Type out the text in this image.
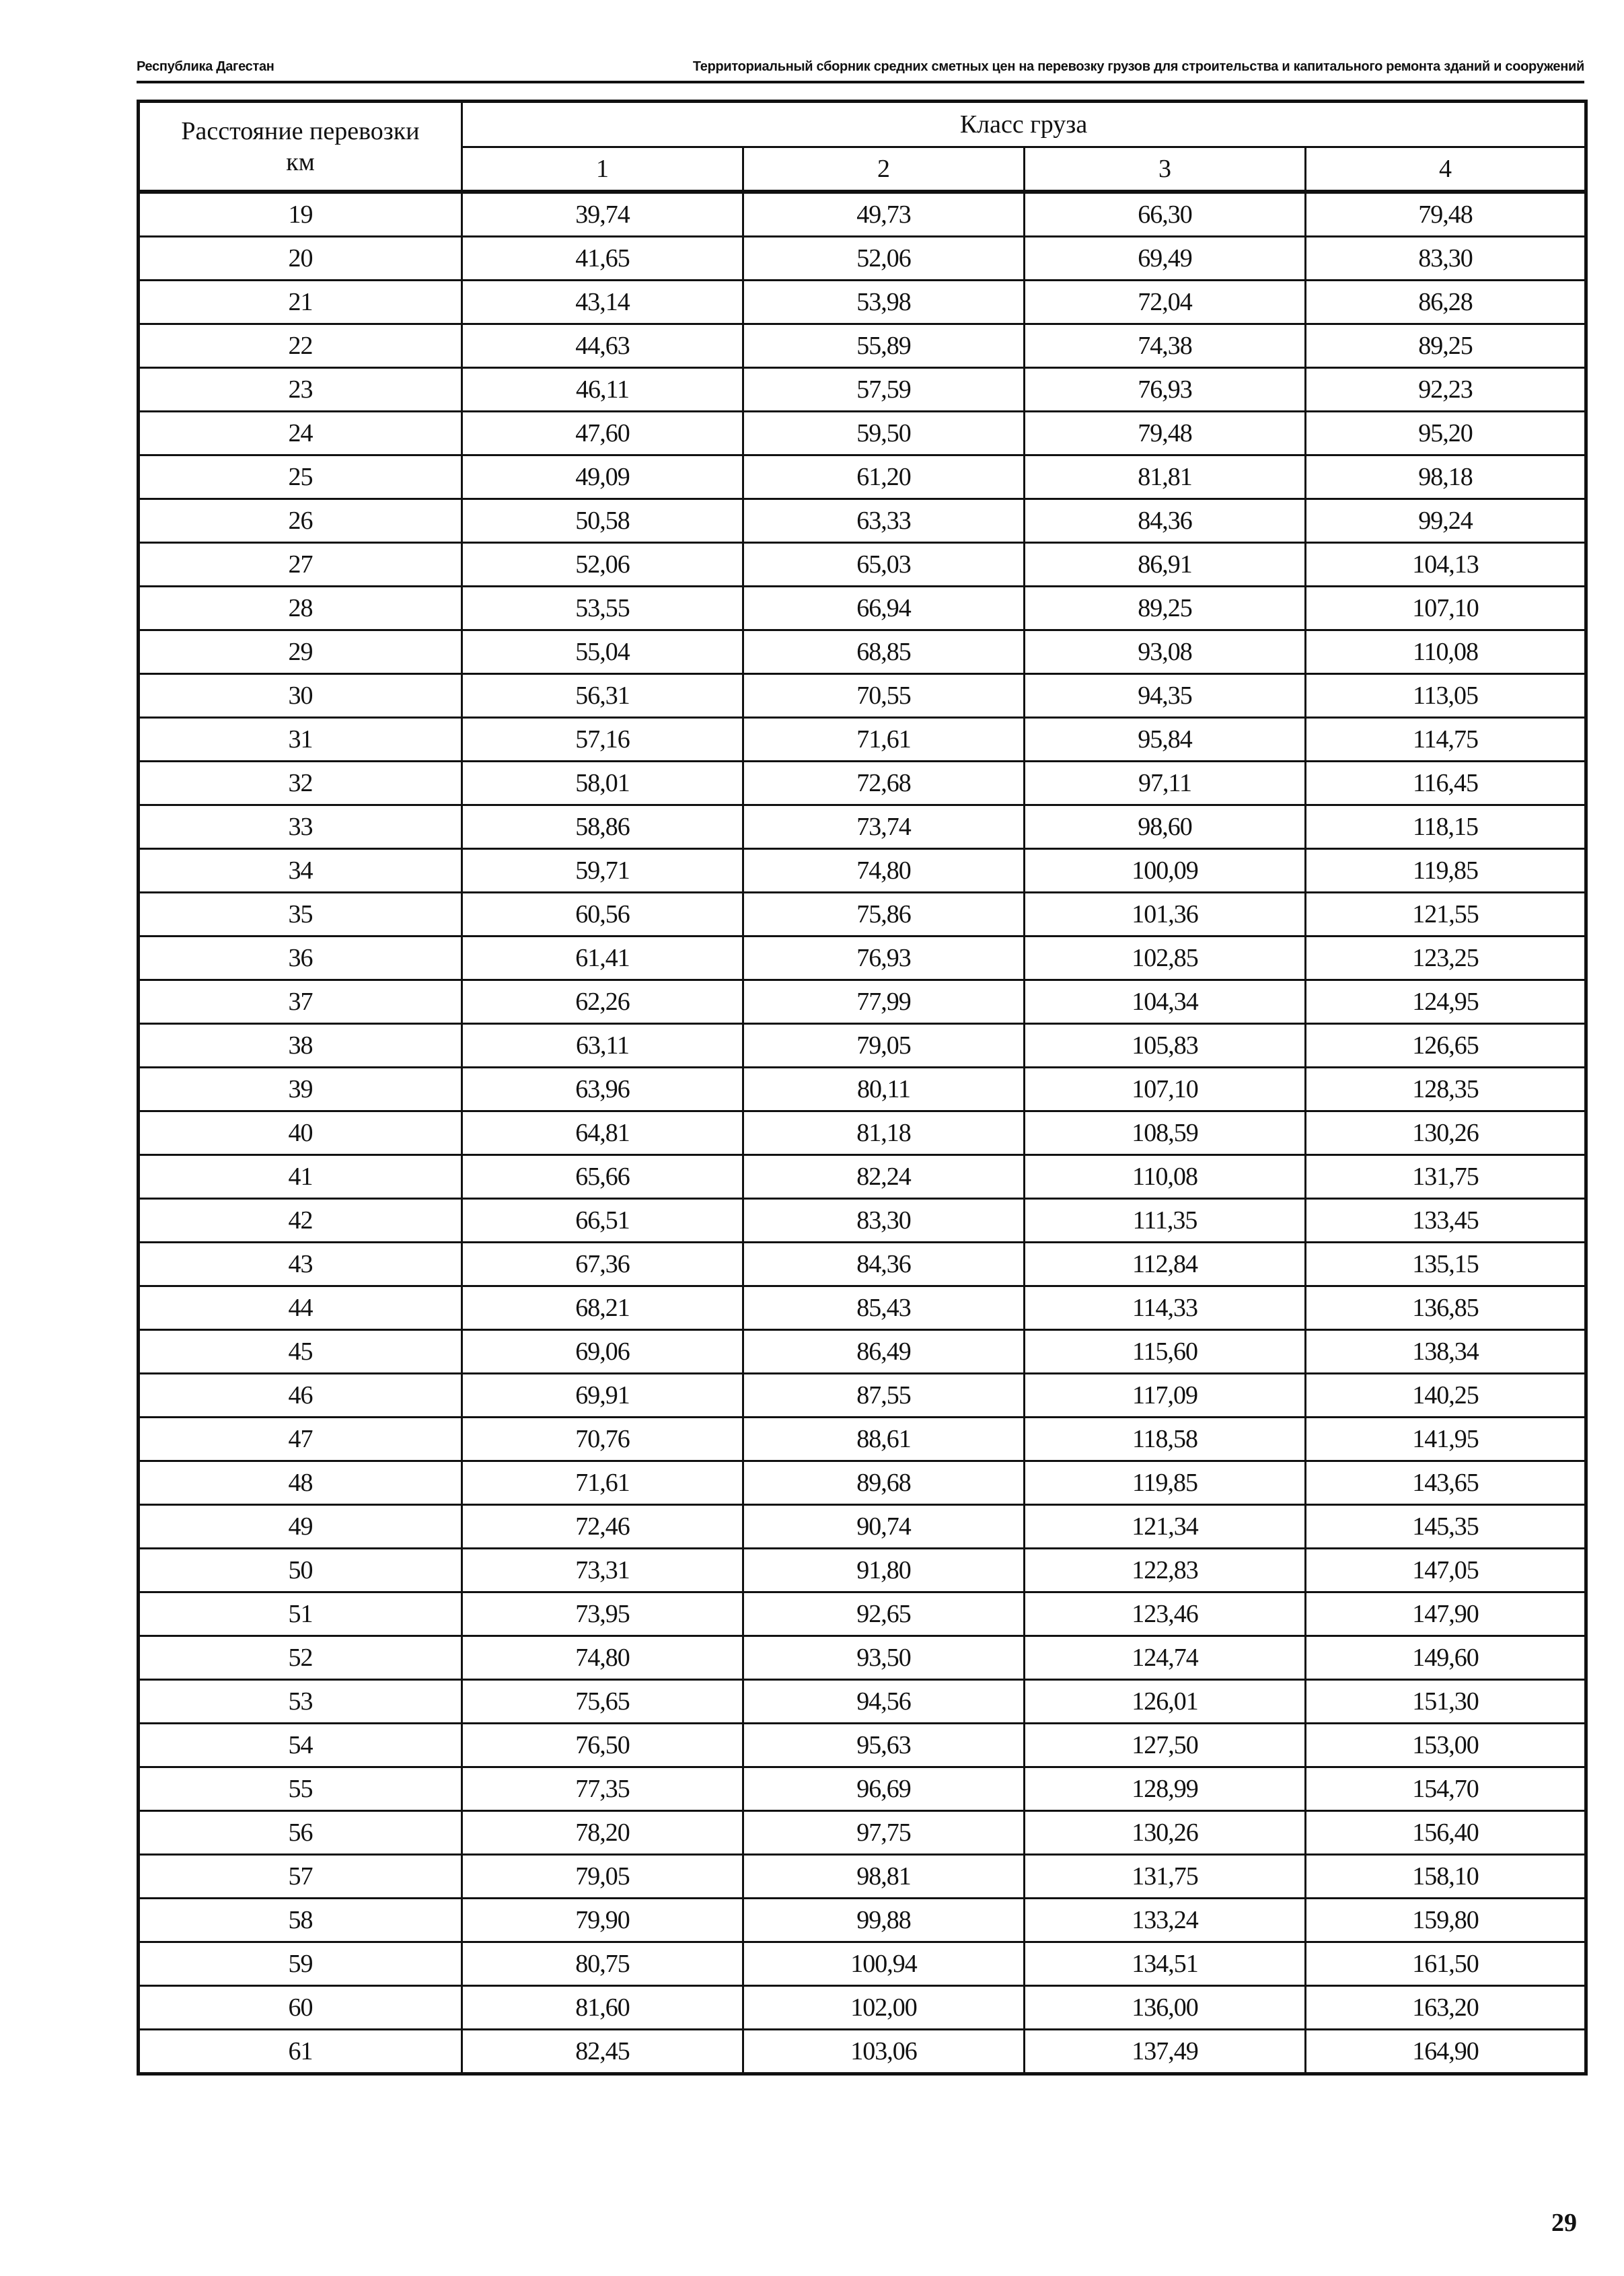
Республика Дагестан	Территориальный сборник средних сметных цен на перевозку грузов для строительства и капитального ремонта зданий и сооружений
Расстояние перевозки
км	Класс груза			
	1	2	3	4
19	39,74	49,73	66,30	79,48
20	41,65	52,06	69,49	83,30
21	43,14	53,98	72,04	86,28
22	44,63	55,89	74,38	89,25
23	46,11	57,59	76,93	92,23
24	47,60	59,50	79,48	95,20
25	49,09	61,20	81,81	98,18
26	50,58	63,33	84,36	99,24
27	52,06	65,03	86,91	104,13
28	53,55	66,94	89,25	107,10
29	55,04	68,85	93,08	110,08
30	56,31	70,55	94,35	113,05
31	57,16	71,61	95,84	114,75
32	58,01	72,68	97,11	116,45
33	58,86	73,74	98,60	118,15
34	59,71	74,80	100,09	119,85
35	60,56	75,86	101,36	121,55
36	61,41	76,93	102,85	123,25
37	62,26	77,99	104,34	124,95
38	63,11	79,05	105,83	126,65
39	63,96	80,11	107,10	128,35
40	64,81	81,18	108,59	130,26
41	65,66	82,24	110,08	131,75
42	66,51	83,30	111,35	133,45
43	67,36	84,36	112,84	135,15
44	68,21	85,43	114,33	136,85
45	69,06	86,49	115,60	138,34
46	69,91	87,55	117,09	140,25
47	70,76	88,61	118,58	141,95
48	71,61	89,68	119,85	143,65
49	72,46	90,74	121,34	145,35
50	73,31	91,80	122,83	147,05
51	73,95	92,65	123,46	147,90
52	74,80	93,50	124,74	149,60
53	75,65	94,56	126,01	151,30
54	76,50	95,63	127,50	153,00
55	77,35	96,69	128,99	154,70
56	78,20	97,75	130,26	156,40
57	79,05	98,81	131,75	158,10
58	79,90	99,88	133,24	159,80
59	80,75	100,94	134,51	161,50
60	81,60	102,00	136,00	163,20
61	82,45	103,06	137,49	164,90
29
